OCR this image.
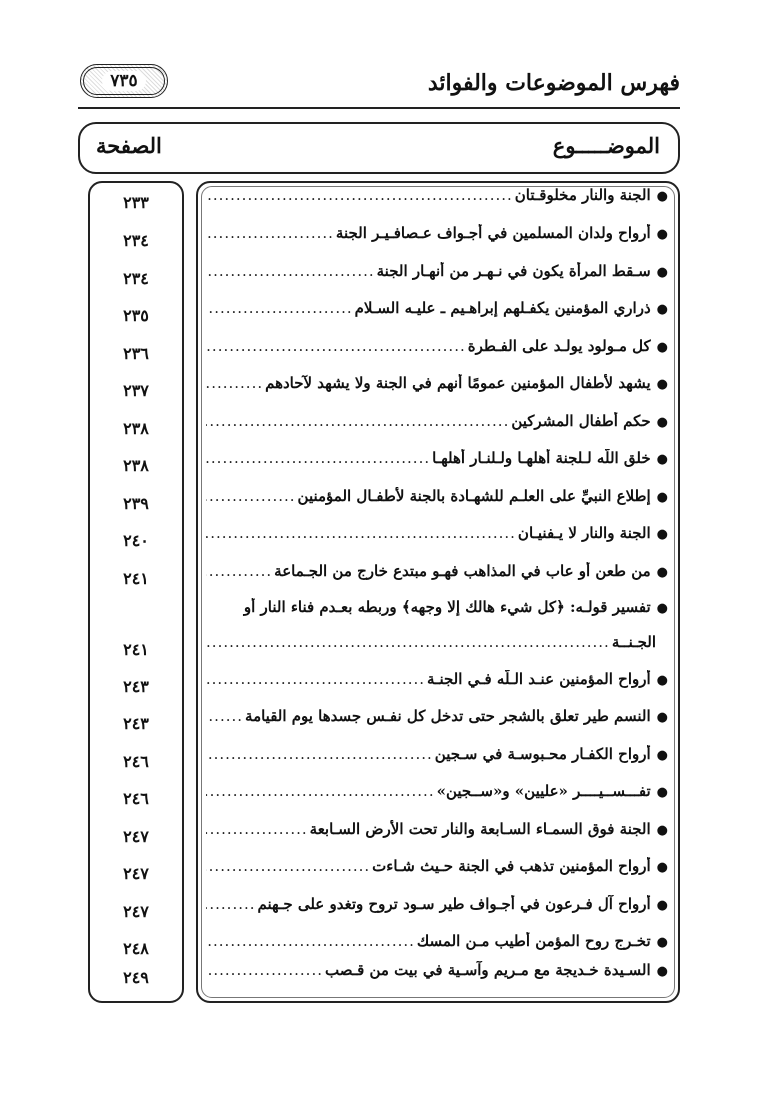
فهرس الموضوعات والفوائد
٧٣٥
الموضـــــوع
الصفحة
●
الجنة والنار مخلوقـتان
.....
٢٣٣
●
أرواح ولدان المسلمين في أجـواف عـصافـيـر الجنة
.....
٢٣٤
●
سـقط المرأة يكون في نـهـر من أنهـار الجنة
.....
٢٣٤
●
ذراري المؤمنين يكفـلهم إبراهـيم ـ عليـه السـلام
.....
٢٣٥
●
كل مـولود يولـد على الفـطرة
.....
٢٣٦
●
يشهد لأطفال المؤمنين عمومًا أنهم في الجنة ولا يشهد لآحادهم
.....
٢٣٧
●
حكم أطفال المشركين
.....
٢٣٨
●
خلق اللَّه لـلجنة أهلهـا ولـلنـار أهلهـا
.....
٢٣٨
●
إطلاع النبيِّ على العلـم للشهـادة بالجنة لأطفـال المؤمنين
.....
٢٣٩
●
الجنة والنار لا يـفنيـان
.....
٢٤٠
●
من طعن أو عاب في المذاهب فهـو مبتدع خارج من الجـماعة
.....
٢٤١
●
تفسير قولـه: ﴿كل شيء هالك إلا وجهه﴾ وربطه بعـدم فناء النار أو
الجـنــة
.....
٢٤١
●
أرواح المؤمنين عنـد الـلَّه فـي الجنـة
.....
٢٤٣
●
النسم طير تعلق بالشجر حتى تدخل كل نفـس جسدها يوم القيامة
.....
٢٤٣
●
أرواح الكفـار محـبوسـة في سـجين
.....
٢٤٦
●
تفـــســيــــر «عليين» و«ســجين»
.....
٢٤٦
●
الجنة فوق السمـاء السـابعة والنار تحت الأرض السـابعة
.....
٢٤٧
●
أرواح المؤمنين تذهب في الجنة حـيث شـاءت
.....
٢٤٧
●
أرواح آل فـرعون في أجـواف طير سـود تروح وتغدو على جـهنم
.....
٢٤٧
●
تخـرج روح المؤمن أطيب مـن المسك
.....
٢٤٨
●
السـيدة خـديجة مع مـريم وآسـية في بيت من قـصب
.....
٢٤٩
